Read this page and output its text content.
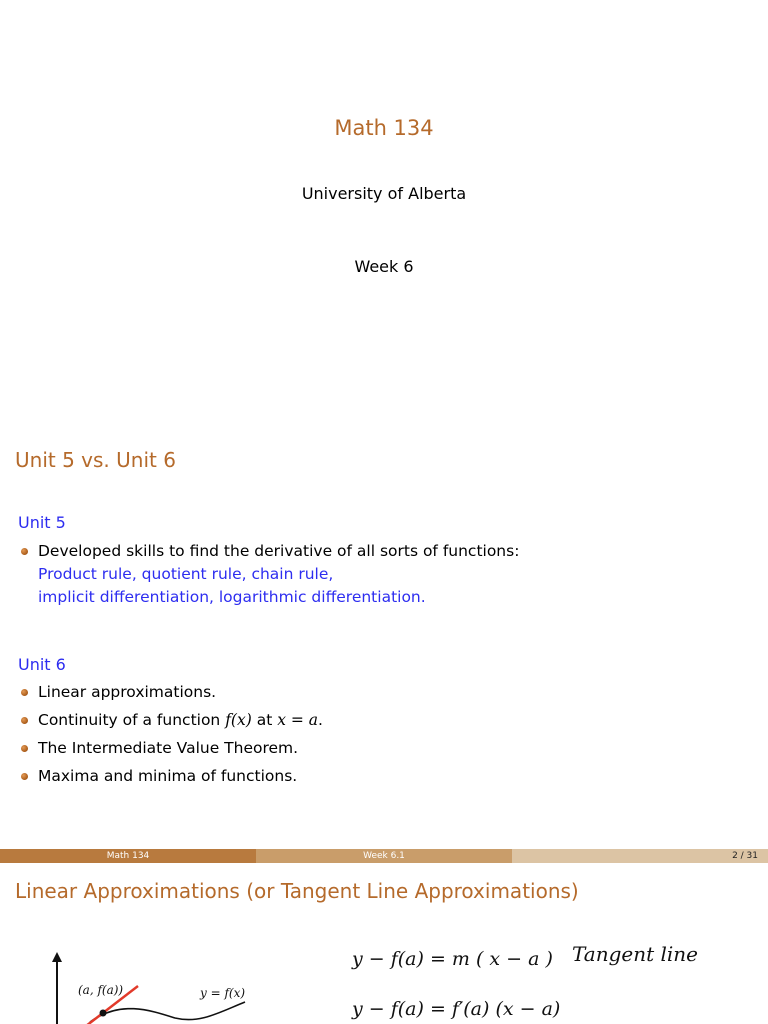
Math 134
University of Alberta
Week 6
Unit 5 vs. Unit 6
Unit 5
Developed skills to find the derivative of all sorts of functions:
Product rule, quotient rule, chain rule,
implicit differentiation, logarithmic differentiation.
Unit 6
Linear approximations.
Continuity of a function f(x) at x = a.
The Intermediate Value Theorem.
Maxima and minima of functions.
Math 134	Week 6.1	2 / 31
Linear Approximations (or Tangent Line Approximations)
(a, f(a))	y = f(x)
y − f(a) = m ( x − a ) Tangent line
y − f(a) = f′(a) (x − a)
